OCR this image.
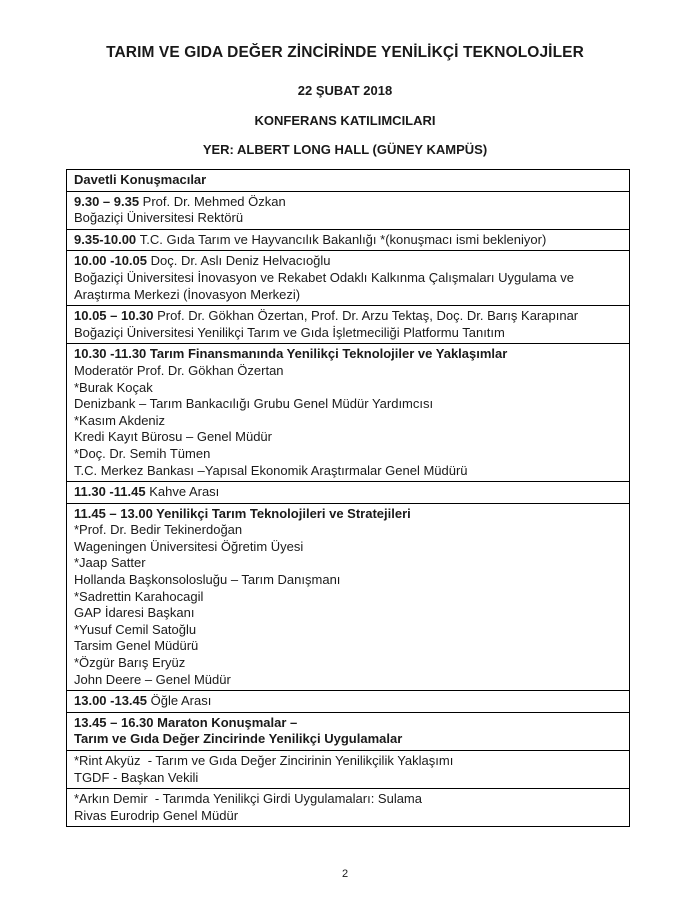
TARIM VE GIDA DEĞER ZİNCİRİNDE YENİLİKÇİ TEKNOLOJİLER
22 ŞUBAT 2018
KONFERANS KATILIMCILARI
YER: ALBERT LONG HALL (GÜNEY KAMPÜS)
Davetli Konuşmacılar
9.30 – 9.35 Prof. Dr. Mehmed Özkan
Boğaziçi Üniversitesi Rektörü
9.35-10.00 T.C. Gıda Tarım ve Hayvancılık Bakanlığı *(konuşmacı ismi bekleniyor)
10.00 -10.05 Doç. Dr. Aslı Deniz Helvacıoğlu
Boğaziçi Üniversitesi İnovasyon ve Rekabet Odaklı Kalkınma Çalışmaları Uygulama ve Araştırma Merkezi (İnovasyon Merkezi)
10.05 – 10.30 Prof. Dr. Gökhan Özertan, Prof. Dr. Arzu Tektaş, Doç. Dr. Barış Karapınar
Boğaziçi Üniversitesi Yenilikçi Tarım ve Gıda İşletmeciliği Platformu Tanıtım
10.30 -11.30 Tarım Finansmanında Yenilikçi Teknolojiler ve Yaklaşımlar
Moderatör Prof. Dr. Gökhan Özertan
*Burak Koçak
Denizbank – Tarım Bankacılığı Grubu Genel Müdür Yardımcısı
*Kasım Akdeniz
Kredi Kayıt Bürosu – Genel Müdür
*Doç. Dr. Semih Tümen
T.C. Merkez Bankası –Yapısal Ekonomik Araştırmalar Genel Müdürü
11.30 -11.45 Kahve Arası
11.45 – 13.00 Yenilikçi Tarım Teknolojileri ve Stratejileri
*Prof. Dr. Bedir Tekinerdoğan
Wageningen Üniversitesi Öğretim Üyesi
*Jaap Satter
Hollanda Başkonsolosluğu – Tarım Danışmanı
*Sadrettin Karahocagil
GAP İdaresi Başkanı
*Yusuf Cemil Satoğlu
Tarsim Genel Müdürü
*Özgür Barış Eryüz
John Deere – Genel Müdür
13.00 -13.45 Öğle Arası
13.45 – 16.30 Maraton Konuşmalar –
Tarım ve Gıda Değer Zincirinde Yenilikçi Uygulamalar
*Rint Akyüz  - Tarım ve Gıda Değer Zincirinin Yenilikçilik Yaklaşımı
TGDF - Başkan Vekili
*Arkın Demir  - Tarımda Yenilikçi Girdi Uygulamaları: Sulama
Rivas Eurodrip Genel Müdür
2
